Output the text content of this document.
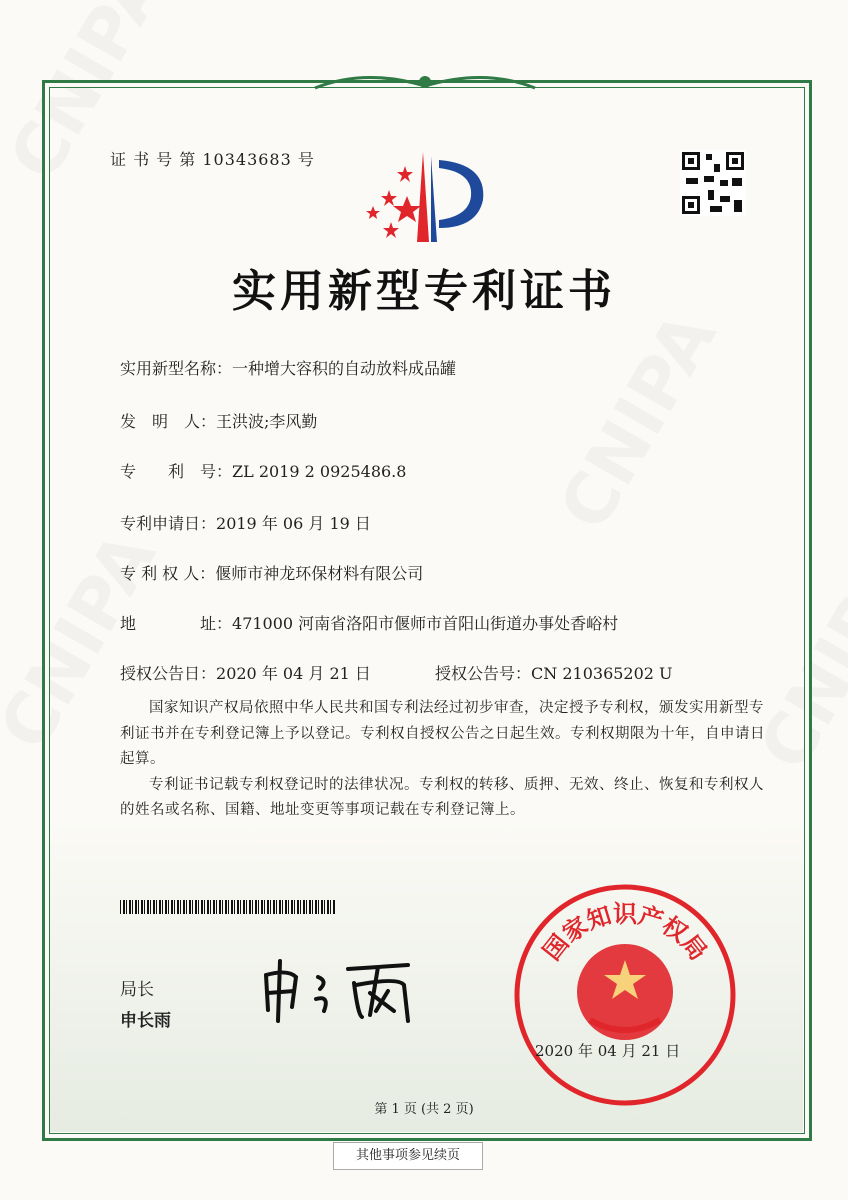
证 书 号 第 10343683 号
实用新型专利证书
实用新型名称：一种增大容积的自动放料成品罐
发　明　人：王洪波;李风勤
专　　利　号：ZL 2019 2 0925486.8
专利申请日：2019 年 06 月 19 日
专 利 权 人：偃师市神龙环保材料有限公司
地　　　　址：471000 河南省洛阳市偃师市首阳山街道办事处香峪村
授权公告日：2020 年 04 月 21 日	授权公告号：CN 210365202 U

国家知识产权局依照中华人民共和国专利法经过初步审查，决定授予专利权，颁发实用新型专利证书并在专利登记簿上予以登记。专利权自授权公告之日起生效。专利权期限为十年，自申请日起算。

专利证书记载专利权登记时的法律状况。专利权的转移、质押、无效、终止、恢复和专利权人的姓名或名称、国籍、地址变更等事项记载在专利登记簿上。

局长
申长雨
国家知识产权局
2020 年 04 月 21 日
第 1 页 (共 2 页)
其他事项参见续页
